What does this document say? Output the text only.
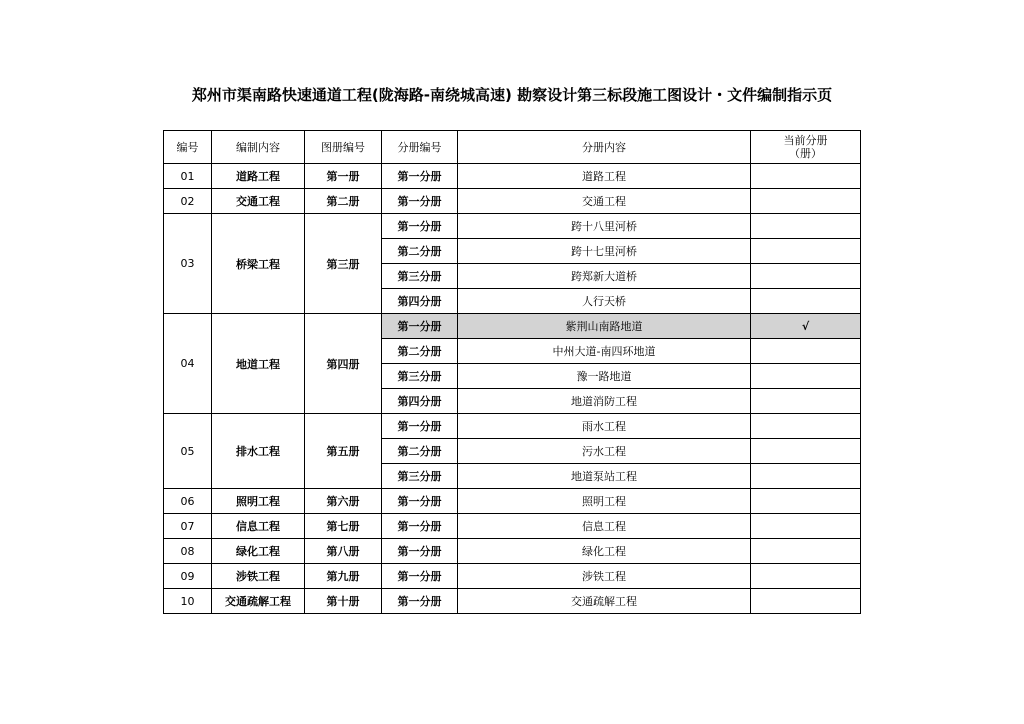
郑州市渠南路快速通道工程(陇海路-南绕城高速) 勘察设计第三标段施工图设计・文件编制指示页
编号	编制内容	图册编号	分册编号	分册内容	当前分册
（册）
01	道路工程	第一册	第一分册	道路工程	
02	交通工程	第二册	第一分册	交通工程	
03	桥梁工程	第三册	第一分册	跨十八里河桥	
			第二分册	跨十七里河桥	
			第三分册	跨郑新大道桥	
			第四分册	人行天桥	
04	地道工程	第四册	第一分册	紫荆山南路地道	√
			第二分册	中州大道-南四环地道	
			第三分册	豫一路地道	
			第四分册	地道消防工程	
05	排水工程	第五册	第一分册	雨水工程	
			第二分册	污水工程	
			第三分册	地道泵站工程	
06	照明工程	第六册	第一分册	照明工程	
07	信息工程	第七册	第一分册	信息工程	
08	绿化工程	第八册	第一分册	绿化工程	
09	涉铁工程	第九册	第一分册	涉铁工程	
10	交通疏解工程	第十册	第一分册	交通疏解工程	
